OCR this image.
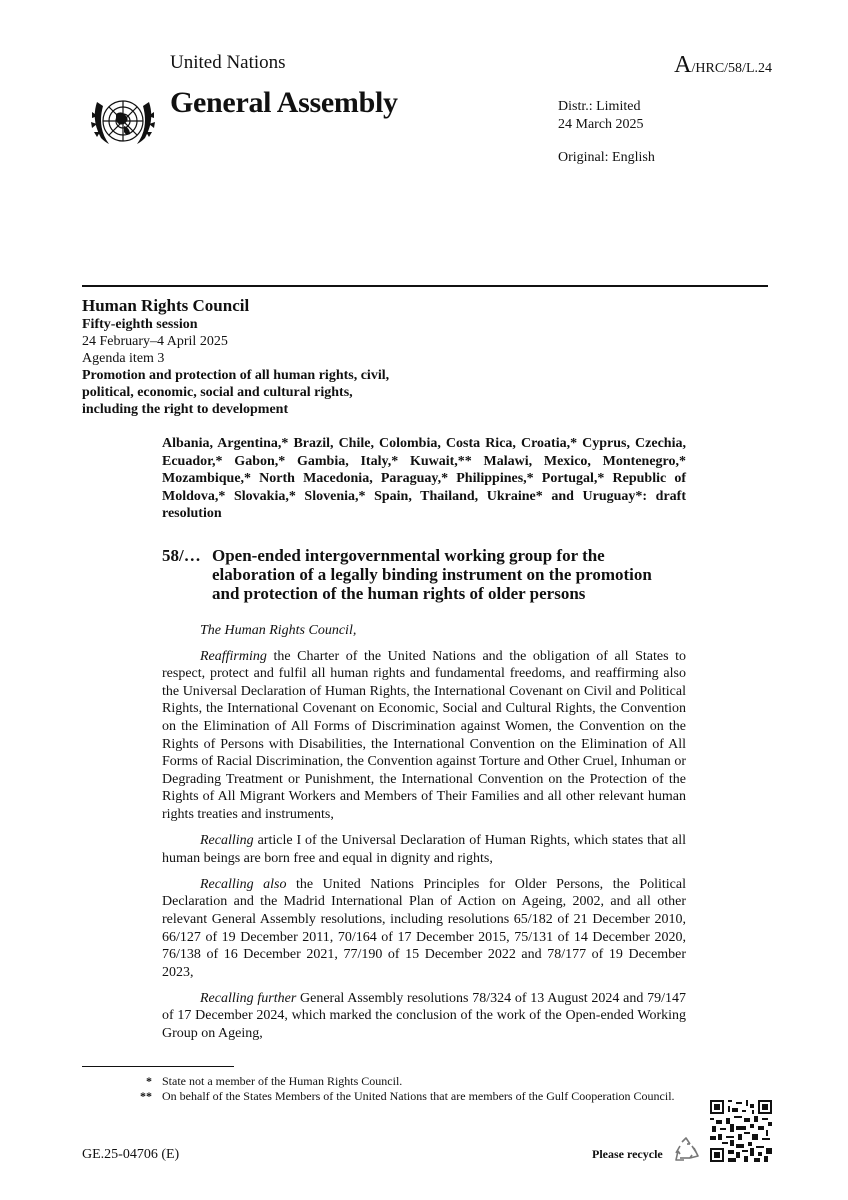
United Nations	A/HRC/58/L.24
General Assembly	Distr.: Limited
24 March 2025
Original: English
Human Rights Council
Fifty-eighth session
24 February–4 April 2025
Agenda item 3
Promotion and protection of all human rights, civil, political, economic, social and cultural rights, including the right to development
Albania, Argentina,* Brazil, Chile, Colombia, Costa Rica, Croatia,* Cyprus, Czechia, Ecuador,* Gabon,* Gambia, Italy,* Kuwait,** Malawi, Mexico, Montenegro,* Mozambique,* North Macedonia, Paraguay,* Philippines,* Portugal,* Republic of Moldova,* Slovakia,* Slovenia,* Spain, Thailand, Ukraine* and Uruguay*: draft resolution
58/… Open-ended intergovernmental working group for the elaboration of a legally binding instrument on the promotion and protection of the human rights of older persons

The Human Rights Council,

Reaffirming the Charter of the United Nations and the obligation of all States to respect, protect and fulfil all human rights and fundamental freedoms, and reaffirming also the Universal Declaration of Human Rights, the International Covenant on Civil and Political Rights, the International Covenant on Economic, Social and Cultural Rights, the Convention on the Elimination of All Forms of Discrimination against Women, the Convention on the Rights of Persons with Disabilities, the International Convention on the Elimination of All Forms of Racial Discrimination, the Convention against Torture and Other Cruel, Inhuman or Degrading Treatment or Punishment, the International Convention on the Protection of the Rights of All Migrant Workers and Members of Their Families and all other relevant human rights treaties and instruments,

Recalling article I of the Universal Declaration of Human Rights, which states that all human beings are born free and equal in dignity and rights,

Recalling also the United Nations Principles for Older Persons, the Political Declaration and the Madrid International Plan of Action on Ageing, 2002, and all other relevant General Assembly resolutions, including resolutions 65/182 of 21 December 2010, 66/127 of 19 December 2011, 70/164 of 17 December 2015, 75/131 of 14 December 2020, 76/138 of 16 December 2021, 77/190 of 15 December 2022 and 78/177 of 19 December 2023,

Recalling further General Assembly resolutions 78/324 of 13 August 2024 and 79/147 of 17 December 2024, which marked the conclusion of the work of the Open-ended Working Group on Ageing,

* State not a member of the Human Rights Council.
** On behalf of the States Members of the United Nations that are members of the Gulf Cooperation Council.
GE.25-04706 (E)	Please recycle
